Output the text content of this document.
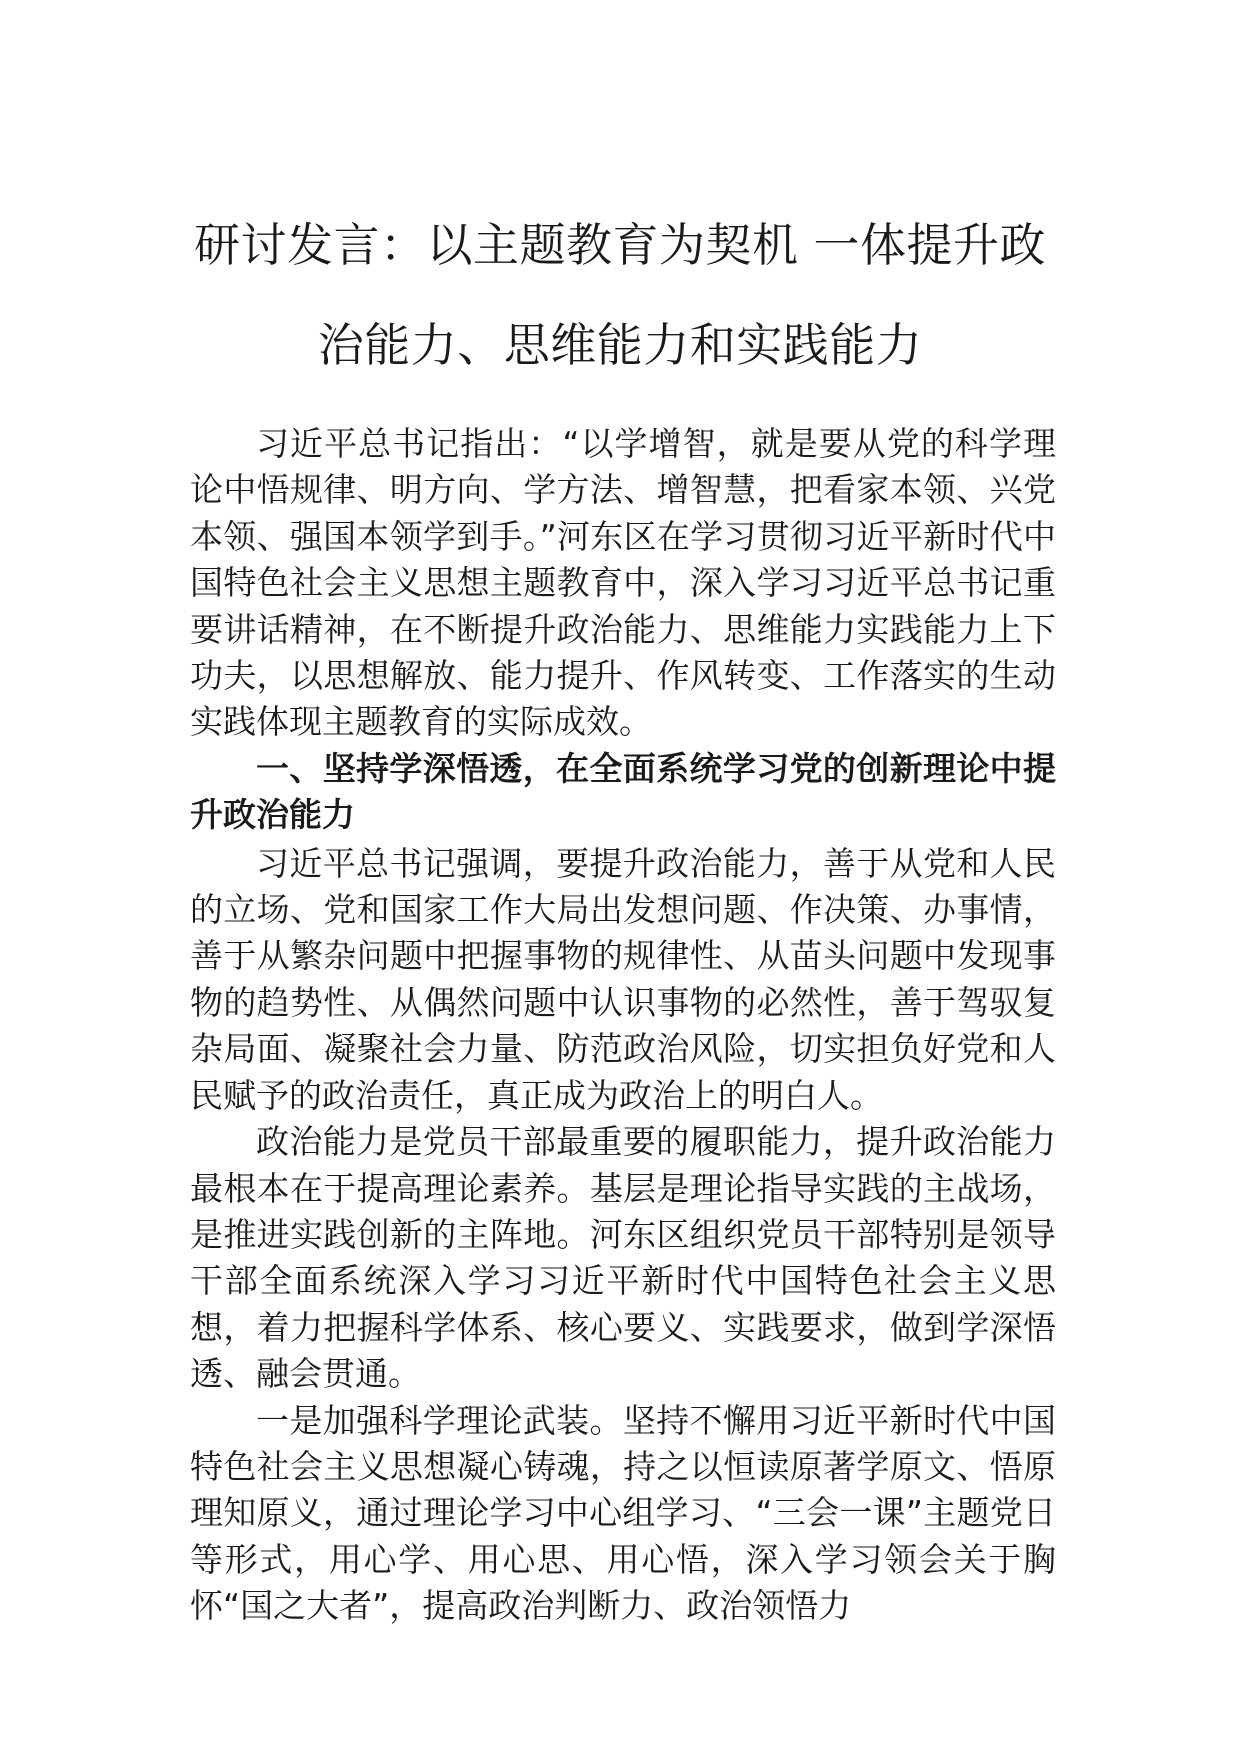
研讨发言：以主题教育为契机 一体提升政治能力、思维能力和实践能力

习近平总书记指出：“以学增智，就是要从党的科学理论中悟规律、明方向、学方法、增智慧，把看家本领、兴党本领、强国本领学到手。”河东区在学习贯彻习近平新时代中国特色社会主义思想主题教育中，深入学习习近平总书记重要讲话精神，在不断提升政治能力、思维能力实践能力上下功夫，以思想解放、能力提升、作风转变、工作落实的生动实践体现主题教育的实际成效。

一、坚持学深悟透，在全面系统学习党的创新理论中提升政治能力

习近平总书记强调，要提升政治能力，善于从党和人民的立场、党和国家工作大局出发想问题、作决策、办事情，善于从繁杂问题中把握事物的规律性、从苗头问题中发现事物的趋势性、从偶然问题中认识事物的必然性，善于驾驭复杂局面、凝聚社会力量、防范政治风险，切实担负好党和人民赋予的政治责任，真正成为政治上的明白人。

政治能力是党员干部最重要的履职能力，提升政治能力最根本在于提高理论素养。基层是理论指导实践的主战场，是推进实践创新的主阵地。河东区组织党员干部特别是领导干部全面系统深入学习习近平新时代中国特色社会主义思想，着力把握科学体系、核心要义、实践要求，做到学深悟透、融会贯通。

一是加强科学理论武装。坚持不懈用习近平新时代中国特色社会主义思想凝心铸魂，持之以恒读原著学原文、悟原理知原义，通过理论学习中心组学习、“三会一课”主题党日等形式，用心学、用心思、用心悟，深入学习领会关于胸怀“国之大者”，提高政治判断力、政治领悟力
